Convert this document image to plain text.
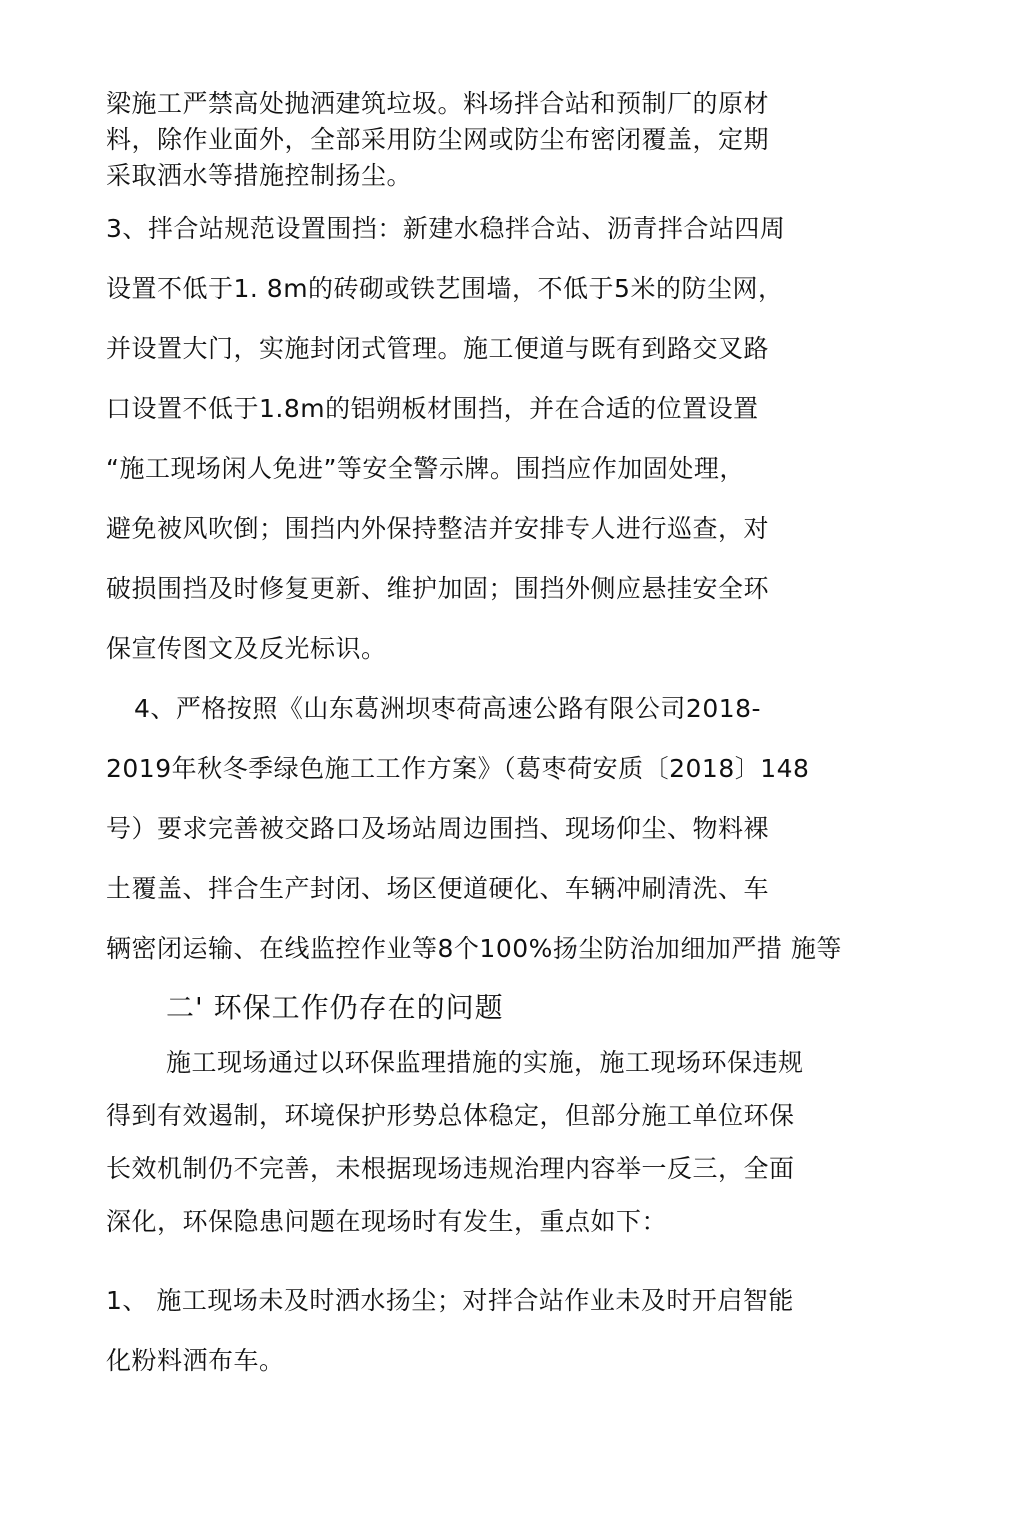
梁施工严禁高处抛洒建筑垃圾。料场拌合站和预制厂的原材
料，除作业面外，全部采用防尘网或防尘布密闭覆盖，定期
采取洒水等措施控制扬尘。
3、拌合站规范设置围挡：新建水稳拌合站、沥青拌合站四周
设置不低于1. 8m的砖砌或铁艺围墙，不低于5米的防尘网，
并设置大门，实施封闭式管理。施工便道与既有到路交叉路
口设置不低于1.8m的铝朔板材围挡，并在合适的位置设置
“施工现场闲人免进”等安全警示牌。围挡应作加固处理，
避免被风吹倒；围挡内外保持整洁并安排专人进行巡查，对
破损围挡及时修复更新、维护加固；围挡外侧应悬挂安全环
保宣传图文及反光标识。
4、严格按照《山东葛洲坝枣荷高速公路有限公司2018-
2019年秋冬季绿色施工工作方案》（葛枣荷安质〔2018〕148
号）要求完善被交路口及场站周边围挡、现场仰尘、物料裸
土覆盖、拌合生产封闭、场区便道硬化、车辆冲刷清洗、车
辆密闭运输、在线监控作业等8个100%扬尘防治加细加严措 施等
二' 环保工作仍存在的问题
施工现场通过以环保监理措施的实施，施工现场环保违规
得到有效遏制，环境保护形势总体稳定，但部分施工单位环保
长效机制仍不完善，未根据现场违规治理内容举一反三，全面
深化，环保隐患问题在现场时有发生，重点如下：
1、 施工现场未及时洒水扬尘；对拌合站作业未及时开启智能
化粉料洒布车。
